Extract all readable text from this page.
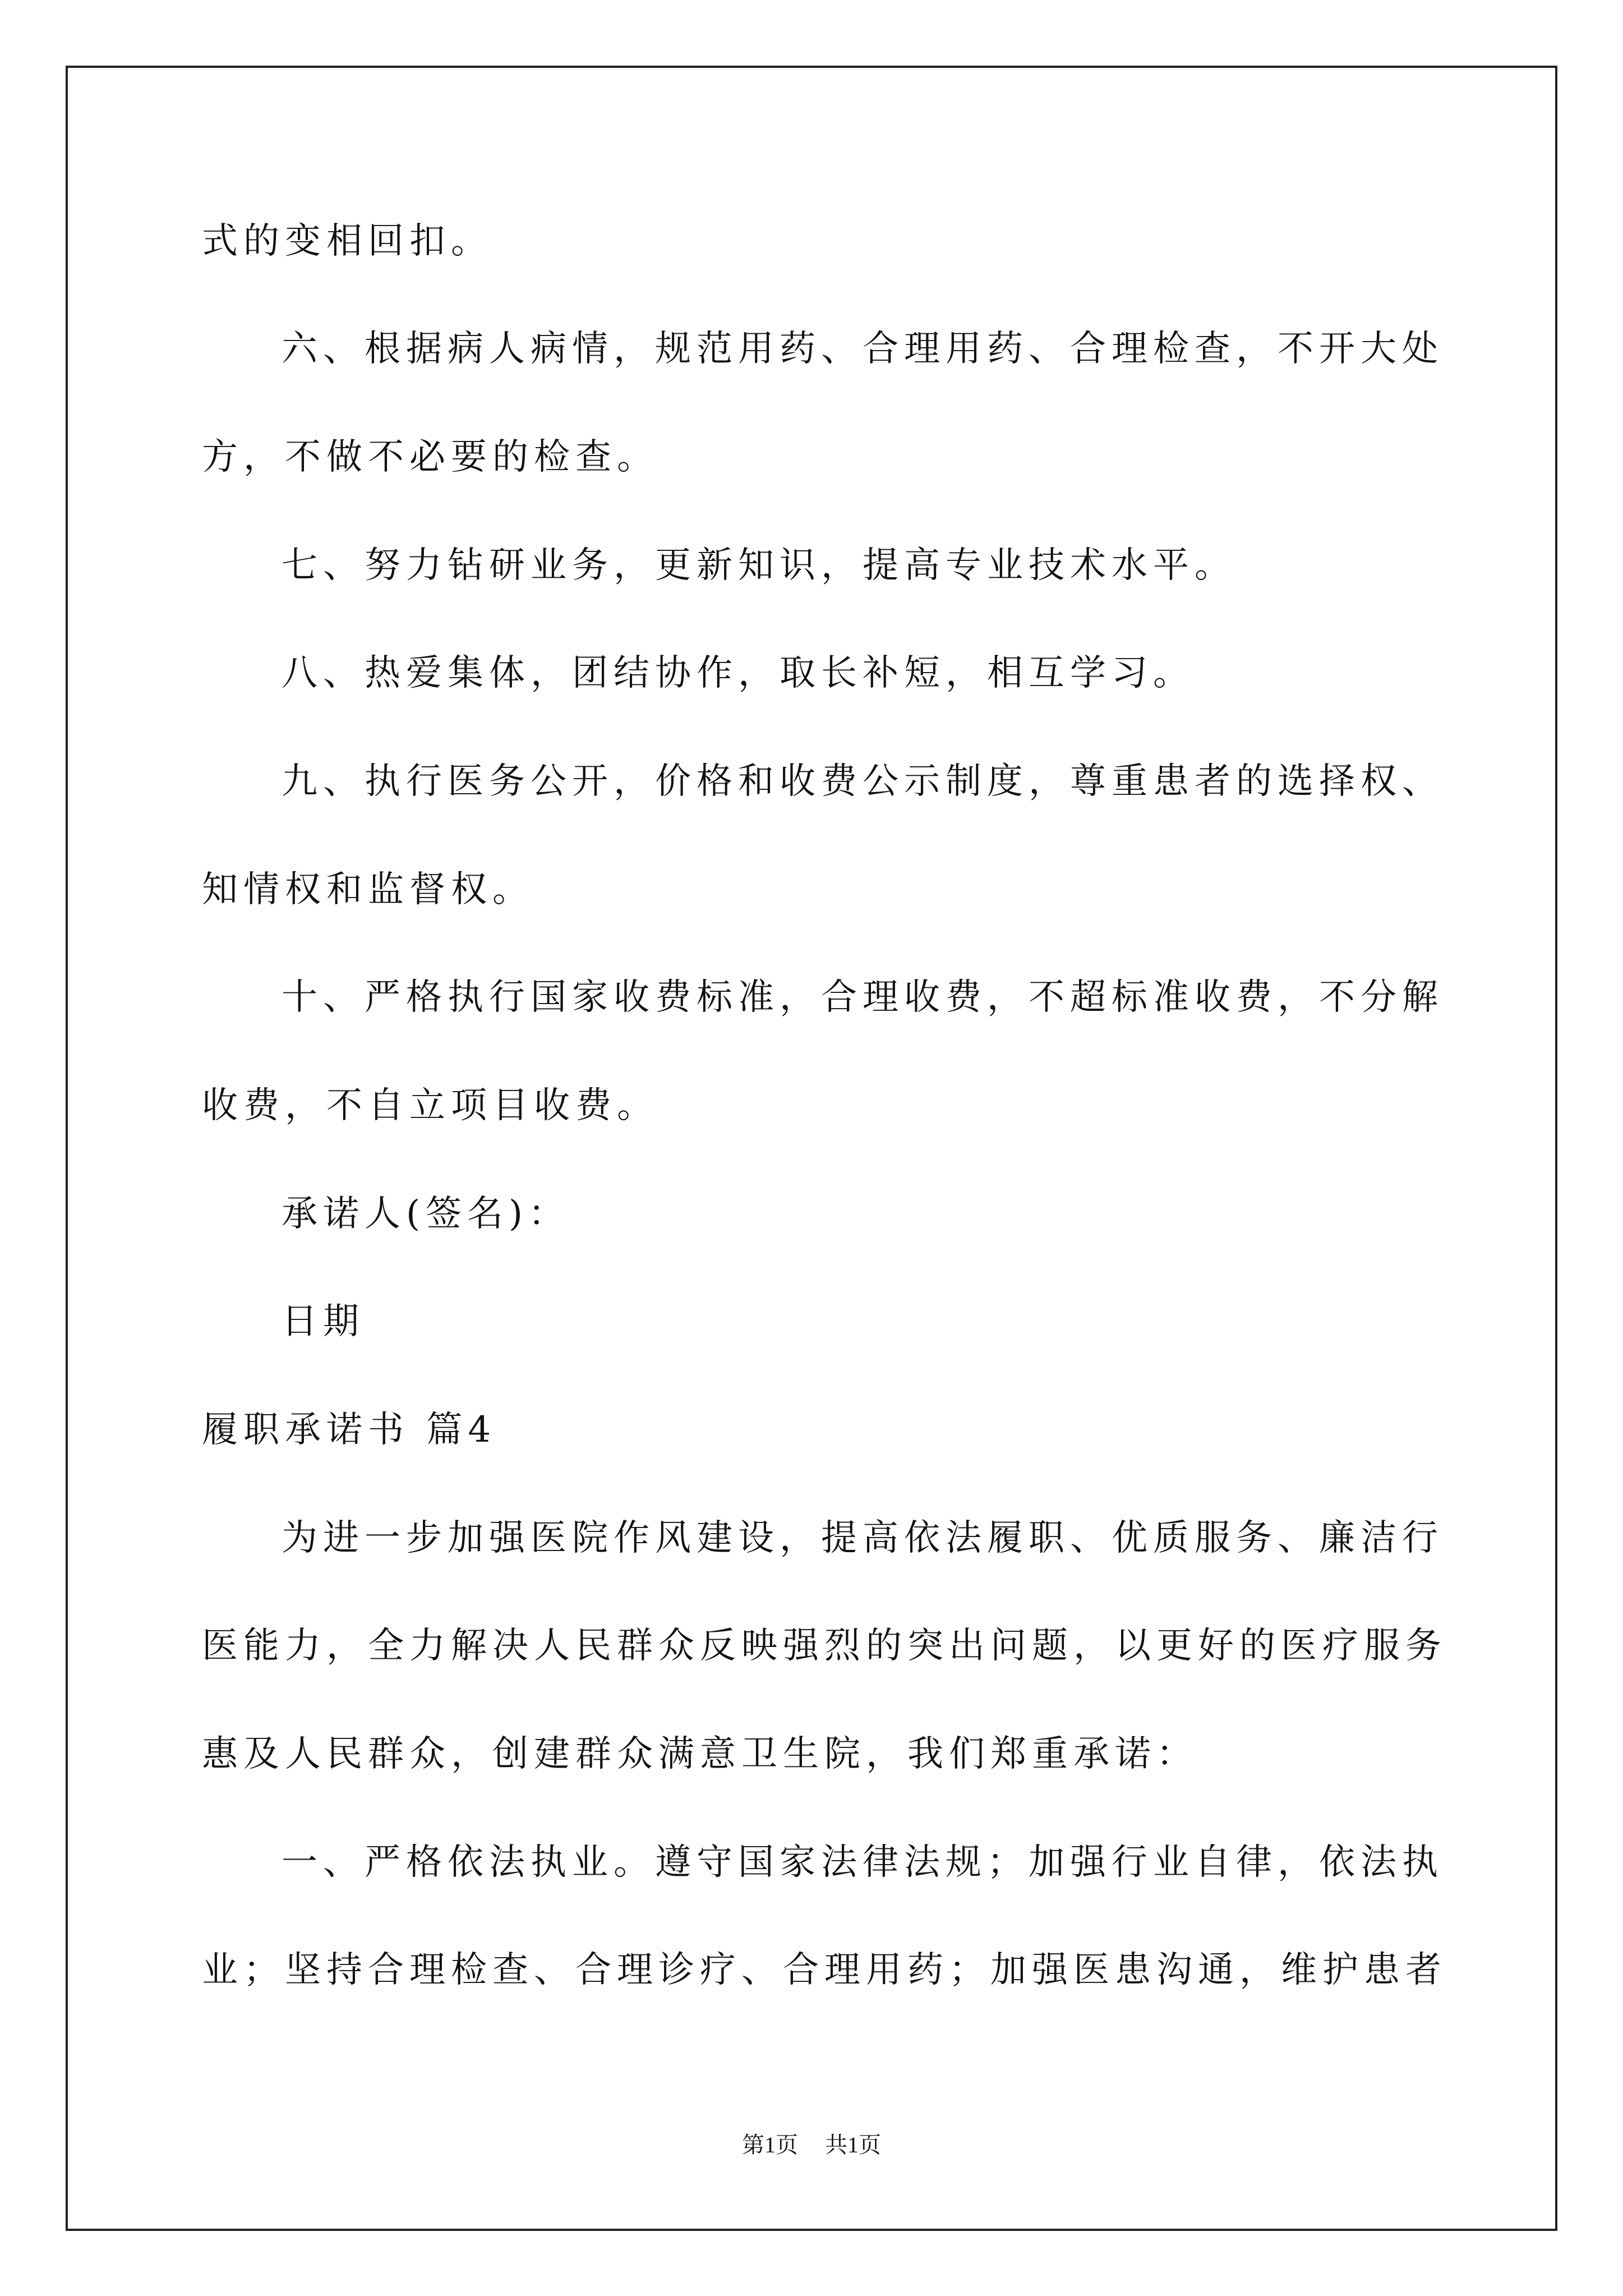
式的变相回扣。
六、根据病人病情，规范用药、合理用药、合理检查，不开大处
方，不做不必要的检查。
七、努力钻研业务，更新知识，提高专业技术水平。
八、热爱集体，团结协作，取长补短，相互学习。
九、执行医务公开，价格和收费公示制度，尊重患者的选择权、
知情权和监督权。
十、严格执行国家收费标准，合理收费，不超标准收费，不分解
收费，不自立项目收费。
承诺人(签名)：
日期
履职承诺书 篇4
为进一步加强医院作风建设，提高依法履职、优质服务、廉洁行
医能力，全力解决人民群众反映强烈的突出问题，以更好的医疗服务
惠及人民群众，创建群众满意卫生院，我们郑重承诺：
一、严格依法执业。遵守国家法律法规；加强行业自律，依法执
业；坚持合理检查、合理诊疗、合理用药；加强医患沟通，维护患者
第1页 共1页
